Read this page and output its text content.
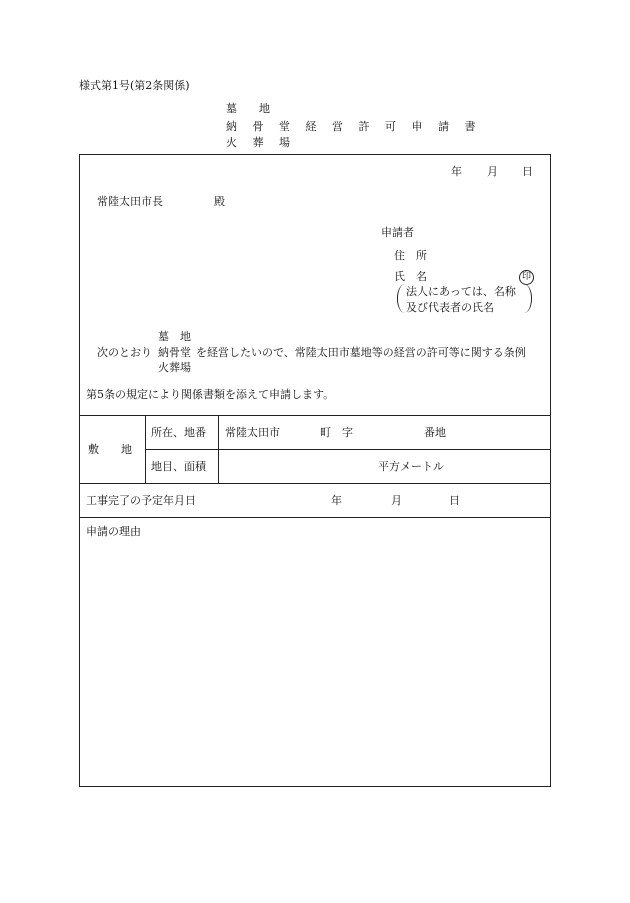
様式第1号(第2条関係)
墓　　地
納 骨 堂 経 営 許 可 申 請 書
火 葬 場
年 月 日
常陸太田市長	殿
申請者
住　所
氏　名	印
法人にあっては、名称
及び代表者の氏名
墓　地
次のとおり 納骨堂 を経営したいので、常陸太田市墓地等の経営の許可等に関する条例
火葬場
第5条の規定により関係書類を添えて申請します。
敷　　地
所在、地番 常陸太田市	町 字	番地
地目、面積	平方メートル
工事完了の予定年月日	年	月	日
申請の理由
